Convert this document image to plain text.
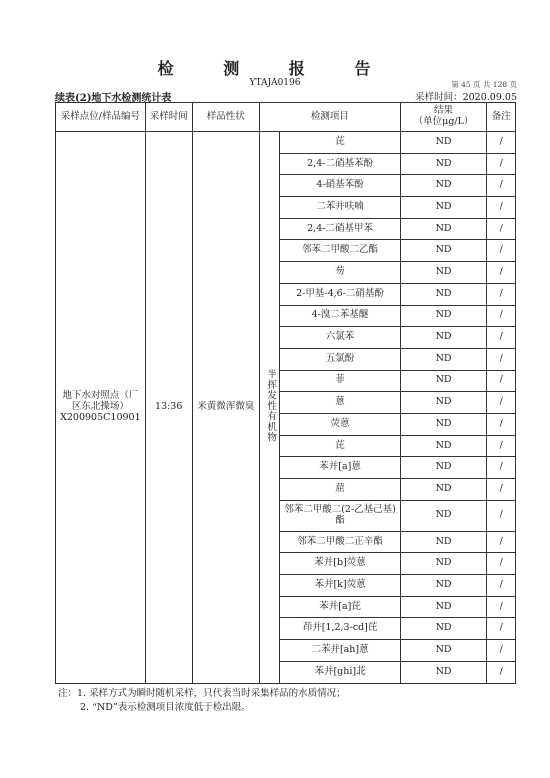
检 测 报 告
YTAJA0196	第 45 页 共 128 页
续表(2)地下水检测统计表	采样时间：2020.09.05
采样点位/样品编号	采样时间	样品性状	检测项目		结果
（单位μg/L）	备注
地下水对照点（厂区东北操场）X200905C10901	13:36	米黄微浑微臭	半挥发性有机物	芘	ND	/
				2,4-二硝基苯酚	ND	/
				4-硝基苯酚	ND	/
				二苯并呋喃	ND	/
				2,4-二硝基甲苯	ND	/
				邻苯二甲酸二乙酯	ND	/
				芴	ND	/
				2-甲基-4,6-二硝基酚	ND	/
				4-溴二苯基醚	ND	/
				六氯苯	ND	/
				五氯酚	ND	/
				菲	ND	/
				蒽	ND	/
				荧蒽	ND	/
				芘	ND	/
				苯并[a]蒽	ND	/
				䓛	ND	/
				邻苯二甲酸二(2-乙基己基)酯	ND	/
				邻苯二甲酸二正辛酯	ND	/
				苯并[b]荧蒽	ND	/
				苯并[k]荧蒽	ND	/
				苯并[a]芘	ND	/
				茚并[1,2,3-cd]芘	ND	/
				二苯并[ah]蒽	ND	/
				苯并[ghi]苝	ND	/
注：1. 采样方式为瞬时随机采样，只代表当时采集样品的水质情况；
2. “ND”表示检测项目浓度低于检出限。
